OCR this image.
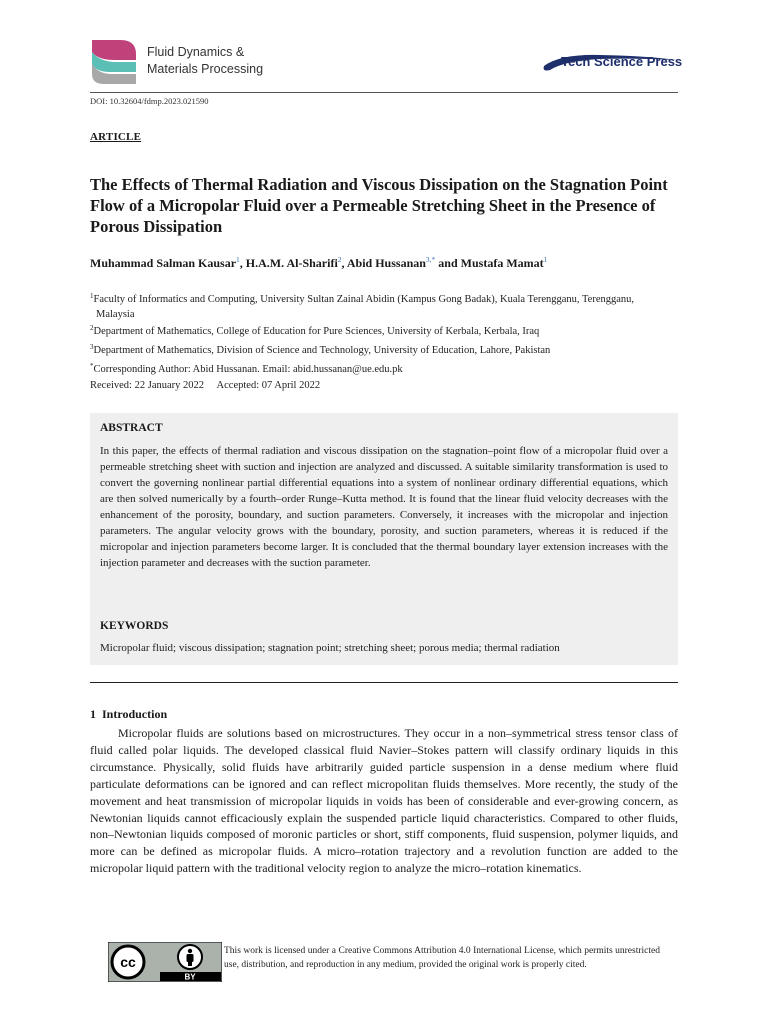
Fluid Dynamics &
Materials Processing	Tech Science Press
DOI: 10.32604/fdmp.2023.021590
ARTICLE
The Effects of Thermal Radiation and Viscous Dissipation on the Stagnation Point Flow of a Micropolar Fluid over a Permeable Stretching Sheet in the Presence of Porous Dissipation
Muhammad Salman Kausar$^1$, H.A.M. Al-Sharifi$^2$, Abid Hussanan$^{3,*}$ and Mustafa Mamat$^1$
$^1$Faculty of Informatics and Computing, University Sultan Zainal Abidin (Kampus Gong Badak), Kuala Terengganu, Terengganu,
Malaysia
$^2$Department of Mathematics, College of Education for Pure Sciences, University of Kerbala, Kerbala, Iraq
$^3$Department of Mathematics, Division of Science and Technology, University of Education, Lahore, Pakistan
*Corresponding Author: Abid Hussanan. Email: abid.hussanan@ue.edu.pk
Received: 22 January 2022  Accepted: 07 April 2022
ABSTRACT
In this paper, the effects of thermal radiation and viscous dissipation on the stagnation–point flow of a micropolar fluid over a permeable stretching sheet with suction and injection are analyzed and discussed. A suitable similarity transformation is used to convert the governing nonlinear partial differential equations into a system of nonlinear ordinary differential equations, which are then solved numerically by a fourth–order Runge–Kutta method. It is found that the linear fluid velocity decreases with the enhancement of the porosity, boundary, and suction parameters. Conversely, it increases with the micropolar and injection parameters. The angular velocity grows with the boundary, porosity, and suction parameters, whereas it is reduced if the micropolar and injection parameters become larger. It is concluded that the thermal boundary layer extension increases with the injection parameter and decreases with the suction parameter.
KEYWORDS
Micropolar fluid; viscous dissipation; stagnation point; stretching sheet; porous media; thermal radiation
1 Introduction
Micropolar fluids are solutions based on microstructures. They occur in a non–symmetrical stress tensor class of fluid called polar liquids. The developed classical fluid Navier–Stokes pattern will classify ordinary liquids in this circumstance. Physically, solid fluids have arbitrarily guided particle suspension in a dense medium where fluid particulate deformations can be ignored and can reflect micropolitan fluids themselves. More recently, the study of the movement and heat transmission of micropolar liquids in voids has been of considerable and ever-growing concern, as Newtonian liquids cannot efficaciously explain the suspended particle liquid characteristics. Compared to other fluids, non–Newtonian liquids composed of moronic particles or short, stiff components, fluid suspension, polymer liquids, and more can be defined as micropolar fluids. A micro–rotation trajectory and a revolution function are added to the micropolar liquid pattern with the traditional velocity region to analyze the micro–rotation kinematics.
BY
cc
This work is licensed under a Creative Commons Attribution 4.0 International License, which permits unrestricted use, distribution, and reproduction in any medium, provided the original work is properly cited.
